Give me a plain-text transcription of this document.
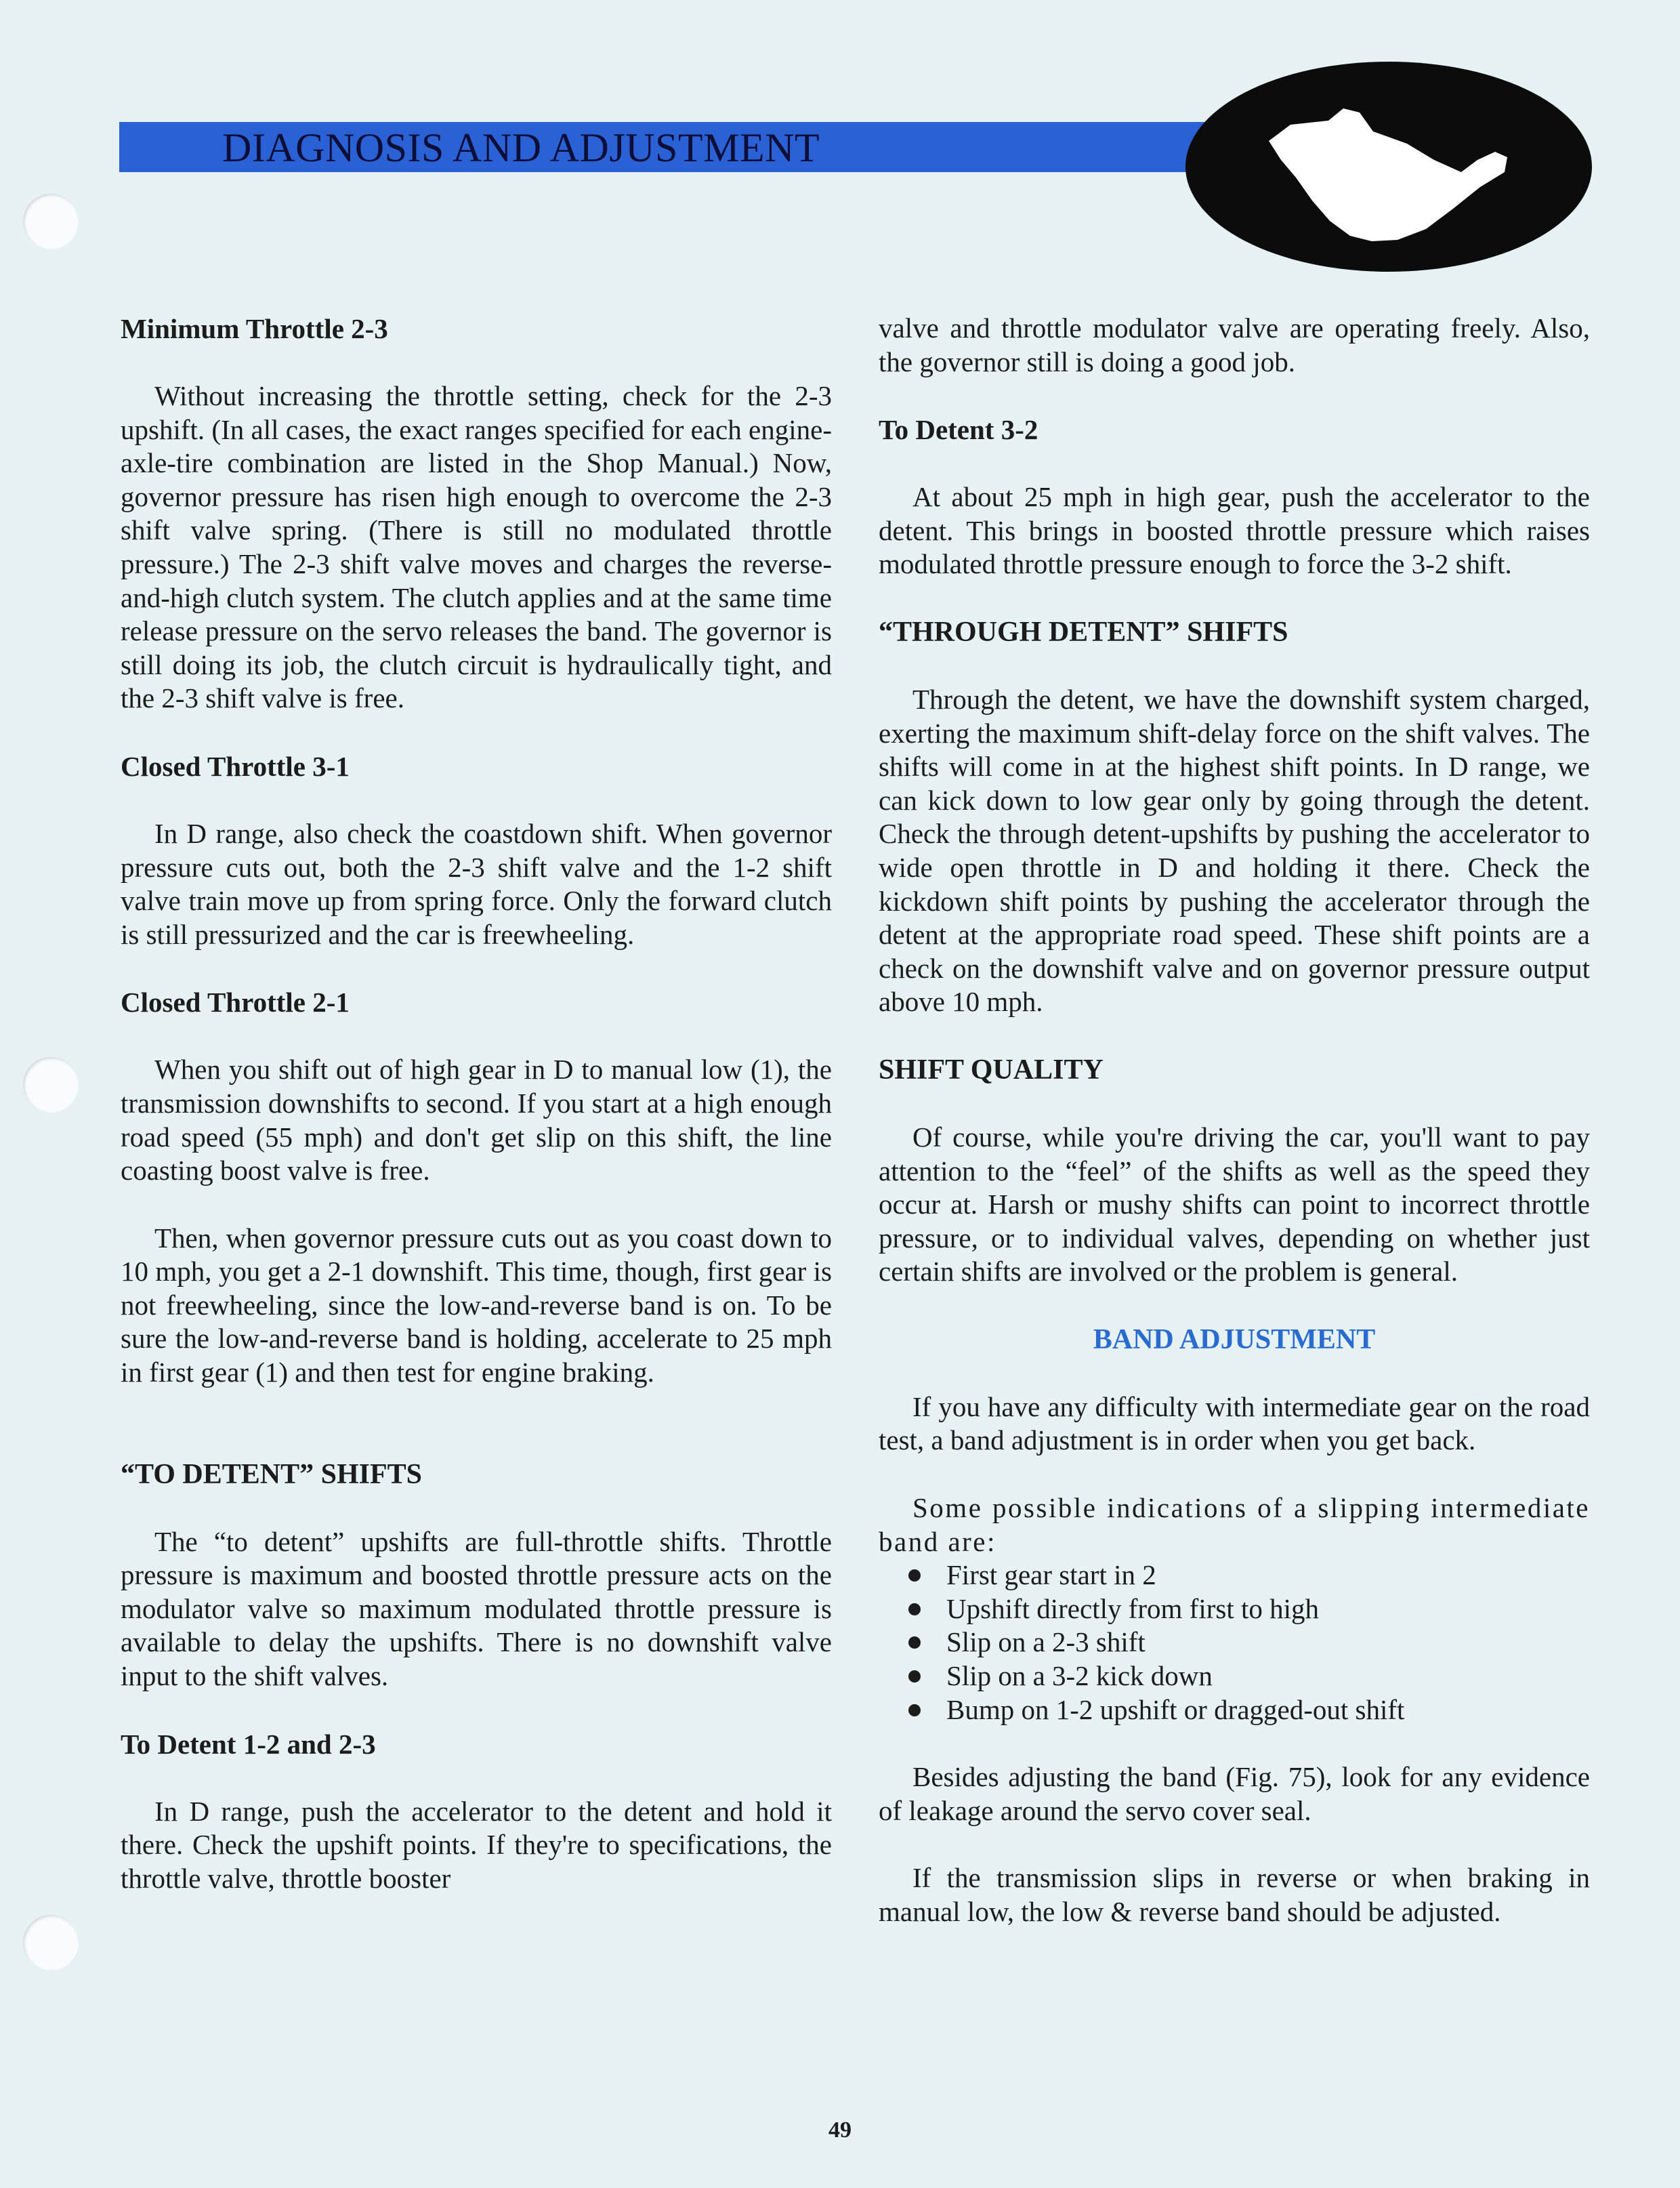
DIAGNOSIS AND ADJUSTMENT
Minimum Throttle 2-3

Without increasing the throttle setting, check for the 2-3 upshift. (In all cases, the exact ranges specified for each engine-axle-tire combination are listed in the Shop Manual.) Now, governor pressure has risen high enough to overcome the 2-3 shift valve spring. (There is still no modulated throttle pressure.) The 2-3 shift valve moves and charges the reverse-and-high clutch system. The clutch applies and at the same time release pressure on the servo releases the band. The governor is still doing its job, the clutch circuit is hydraulically tight, and the 2-3 shift valve is free.

Closed Throttle 3-1

In D range, also check the coastdown shift. When governor pressure cuts out, both the 2-3 shift valve and the 1-2 shift valve train move up from spring force. Only the forward clutch is still pressurized and the car is freewheeling.

Closed Throttle 2-1

When you shift out of high gear in D to manual low (1), the transmission downshifts to second. If you start at a high enough road speed (55 mph) and don't get slip on this shift, the line coasting boost valve is free.

Then, when governor pressure cuts out as you coast down to 10 mph, you get a 2-1 downshift. This time, though, first gear is not freewheeling, since the low-and-reverse band is on. To be sure the low-and-reverse band is holding, accelerate to 25 mph in first gear (1) and then test for engine braking.

“TO DETENT” SHIFTS

The “to detent” upshifts are full-throttle shifts. Throttle pressure is maximum and boosted throttle pressure acts on the modulator valve so maximum modulated throttle pressure is available to delay the upshifts. There is no downshift valve input to the shift valves.

To Detent 1-2 and 2-3

In D range, push the accelerator to the detent and hold it there. Check the upshift points. If they're to specifications, the throttle valve, throttle booster

valve and throttle modulator valve are operating freely. Also, the governor still is doing a good job.

To Detent 3-2

At about 25 mph in high gear, push the accelerator to the detent. This brings in boosted throttle pressure which raises modulated throttle pressure enough to force the 3-2 shift.

“THROUGH DETENT” SHIFTS

Through the detent, we have the downshift system charged, exerting the maximum shift-delay force on the shift valves. The shifts will come in at the highest shift points. In D range, we can kick down to low gear only by going through the detent. Check the through detent-upshifts by pushing the accelerator to wide open throttle in D and holding it there. Check the kickdown shift points by pushing the accelerator through the detent at the appropriate road speed. These shift points are a check on the downshift valve and on governor pressure output above 10 mph.

SHIFT QUALITY

Of course, while you're driving the car, you'll want to pay attention to the “feel” of the shifts as well as the speed they occur at. Harsh or mushy shifts can point to incorrect throttle pressure, or to individual valves, depending on whether just certain shifts are involved or the problem is general.

BAND ADJUSTMENT

If you have any difficulty with intermediate gear on the road test, a band adjustment is in order when you get back.

Some possible indications of a slipping intermediate band are:

First gear start in 2
Upshift directly from first to high
Slip on a 2-3 shift
Slip on a 3-2 kick down
Bump on 1-2 upshift or dragged-out shift

Besides adjusting the band (Fig. 75), look for any evidence of leakage around the servo cover seal.

If the transmission slips in reverse or when braking in manual low, the low & reverse band should be adjusted.

49
